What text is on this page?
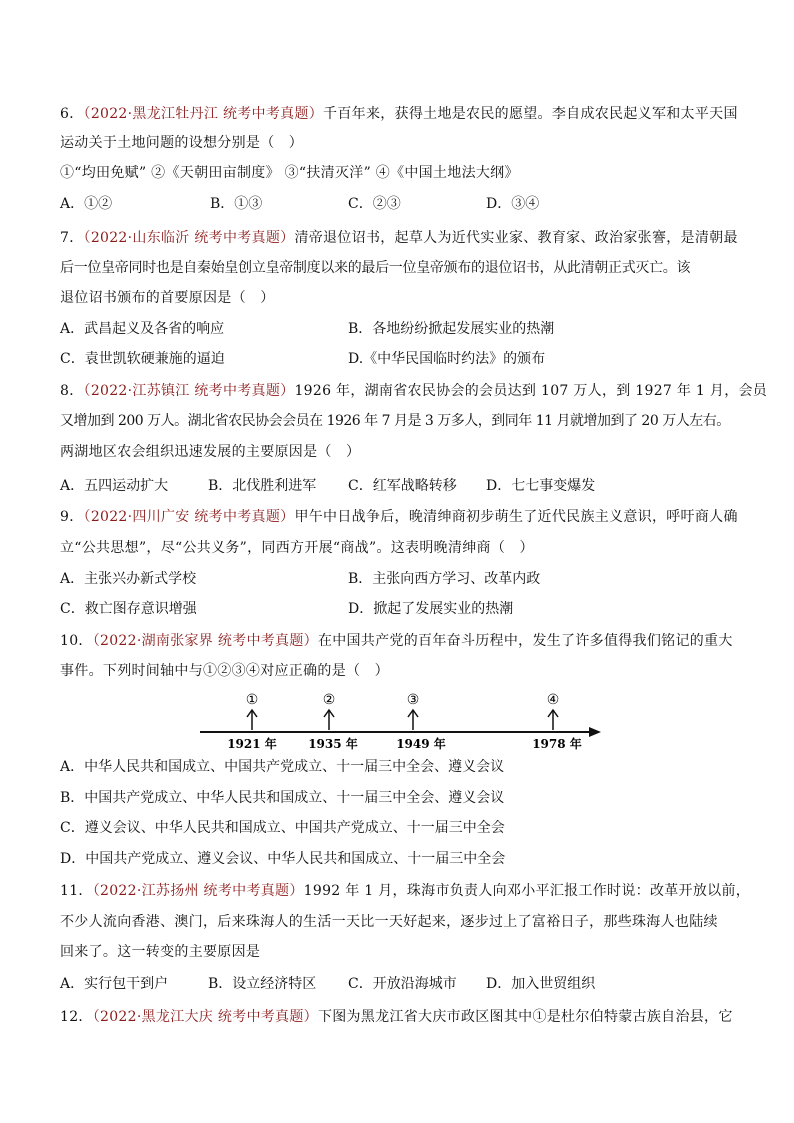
6．（2022·黑龙江牡丹江 统考中考真题）千百年来，获得土地是农民的愿望。李自成农民起义军和太平天国
运动关于土地问题的设想分别是（　）
①“均田免赋” ②《天朝田亩制度》 ③“扶清灭洋” ④《中国土地法大纲》
A．①②	B．①③	C．②③	D．③④
7．（2022·山东临沂 统考中考真题）清帝退位诏书，起草人为近代实业家、教育家、政治家张謇，是清朝最
后一位皇帝同时也是自秦始皇创立皇帝制度以来的最后一位皇帝颁布的退位诏书，从此清朝正式灭亡。该
退位诏书颁布的首要原因是（　）
A．武昌起义及各省的响应	B．各地纷纷掀起发展实业的热潮
C．袁世凯软硬兼施的逼迫	D.《中华民国临时约法》的颁布
8．（2022·江苏镇江 统考中考真题）1926 年，湖南省农民协会的会员达到 107 万人，到 1927 年 1 月，会员
又增加到 200 万人。湖北省农民协会会员在 1926 年 7 月是 3 万多人，到同年 11 月就增加到了 20 万人左右。
两湖地区农会组织迅速发展的主要原因是（　）
A．五四运动扩大	B．北伐胜利进军 C．红军战略转移 D．七七事变爆发
9．（2022·四川广安 统考中考真题）甲午中日战争后，晚清绅商初步萌生了近代民族主义意识，呼吁商人确
立“公共思想”，尽“公共义务”，同西方开展“商战”。这表明晚清绅商（　）
A．主张兴办新式学校	B．主张向西方学习、改革内政
C．救亡图存意识增强	D．掀起了发展实业的热潮
10．（2022·湖南张家界 统考中考真题）在中国共产党的百年奋斗历程中，发生了许多值得我们铭记的重大
事件。下列时间轴中与①②③④对应正确的是（　）
①
1921 年
②
1935 年
③
1949 年
④
1978 年
A．中华人民共和国成立、中国共产党成立、十一届三中全会、遵义会议
B．中国共产党成立、中华人民共和国成立、十一届三中全会、遵义会议
C．遵义会议、中华人民共和国成立、中国共产党成立、十一届三中全会
D．中国共产党成立、遵义会议、中华人民共和国成立、十一届三中全会
11．（2022·江苏扬州 统考中考真题）1992 年 1 月，珠海市负责人向邓小平汇报工作时说：改革开放以前，
不少人流向香港、澳门，后来珠海人的生活一天比一天好起来，逐步过上了富裕日子，那些珠海人也陆续
回来了。这一转变的主要原因是
A．实行包干到户	B．设立经济特区 C．开放沿海城市 D．加入世贸组织
12．（2022·黑龙江大庆 统考中考真题）下图为黑龙江省大庆市政区图其中①是杜尔伯特蒙古族自治县，它
